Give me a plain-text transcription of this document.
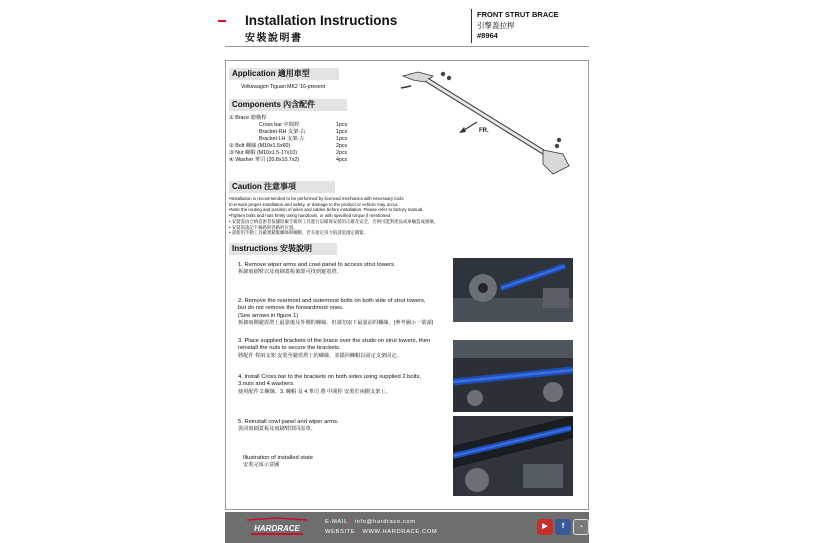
Installation Instructions
安裝說明書
FRONT STRUT BRACE
引擎蓋拉桿
#8964
Application 適用車型
Volkswagen Tiguan MK2 '16-present
Components 內含配件
① Brace 總橫桿
Cross bar 中間桿	1pcs
Bracket-RH 支架-右	1pcs
Bracket-LH 支架-左	1pcs
② Bolt 螺絲 (M10x1.5x60)	2pcs
③ Nut 螺帽 (M10x1.5-17x10)	2pcs
④ Washer 華司 (20.8x10.7x2)	4pcs
FR.
Caution 注意事項
•Installation is recommended to be performed by licensed mechanics with necessary tools
to ensure proper installation and safety, or damage to the product or vehicle may occur.
•Note the routing and position of wires and cables before installation. Please refer to factory manual.
•Tighten bolts and nuts firmly using handtools, or with specified torque if mentioned.
• 安裝需由合格技術者依據原廠手冊與工具進行以確保安裝的正確及安全，否則可能對產品或車輛造成損壞。
• 安裝前請記下線路與管路的位置。
• 請使用手動工具確實鎖緊螺絲與螺帽，若有指定扭力值請依規定鎖緊。
Instructions 安裝說明
1. Remove wiper arms and cowl panel to access strut towers.
拆卸雨刷臂以及雨刷蓋板後即可找到避震塔。
2. Remove the rearmost and outermost bolts on both side of strut towers,
but do not remove the forwardmost ones.
(See arrows in figure 1)
拆卸兩側避震塔上最靠後及外側的螺絲，但請勿取下最靠前的螺絲。(參考圖示一箭頭)
3. Place supplied brackets of the brace over the studs on strut towers, then
reinstall the nuts to secure the brackets.
將配件 桿兩支架 安裝至避震塔上的螺絲，並鎖回螺帽以固定支架固定。
4. Install Cross bar to the brackets on both sides using supplied 2.bolts,
3.nuts and 4.washers.
使用配件 2.螺絲、3. 螺帽 及 4.華司 將 中間桿 安裝於兩側支架上。
5. Reinstall cowl panel and wiper arms.
裝回雨刷蓋板及雨刷臂即回原車。
Illustration of installed state
安裝完成示意圖
HARDRACE
E-MAIL • info@hardrace.com
WEBSITE • WWW.HARDRACE.COM
▶	f	◔
